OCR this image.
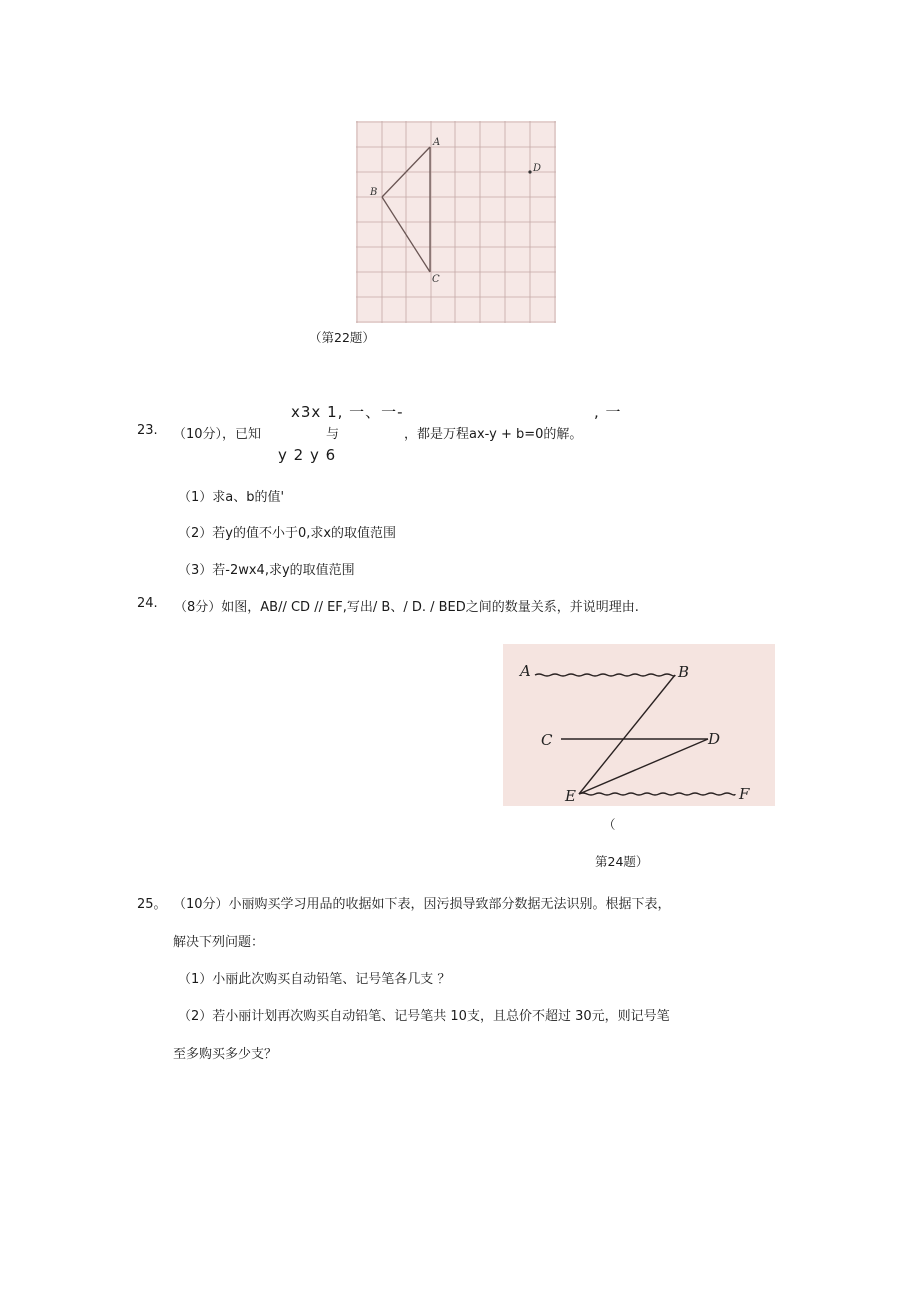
A
B
C
D
（第22题）
x3x 1, 一、一-	, 一
23. （10分），已知	与	，都是万程ax-y + b=0的解。
y 2 y 6
（1）求a、b的值'
（2）若y的值不小于0,求x的取值范围
（3）若-2wx4,求y的取值范围
24. （8分）如图，AB// CD // EF,写出/ B、/ D. / BED之间的数量关系，并说明理由.
A	B
C	D
E	F
（
第24题）
25。 （10分）小丽购买学习用品的收据如下表，因污损导致部分数据无法识别。根据下表，
解决下列问题：
（1）小丽此次购买自动铅笔、记号笔各几支 ？
（2）若小丽计划再次购买自动铅笔、记号笔共 10支，且总价不超过 30元，则记号笔
至多购买多少支？
